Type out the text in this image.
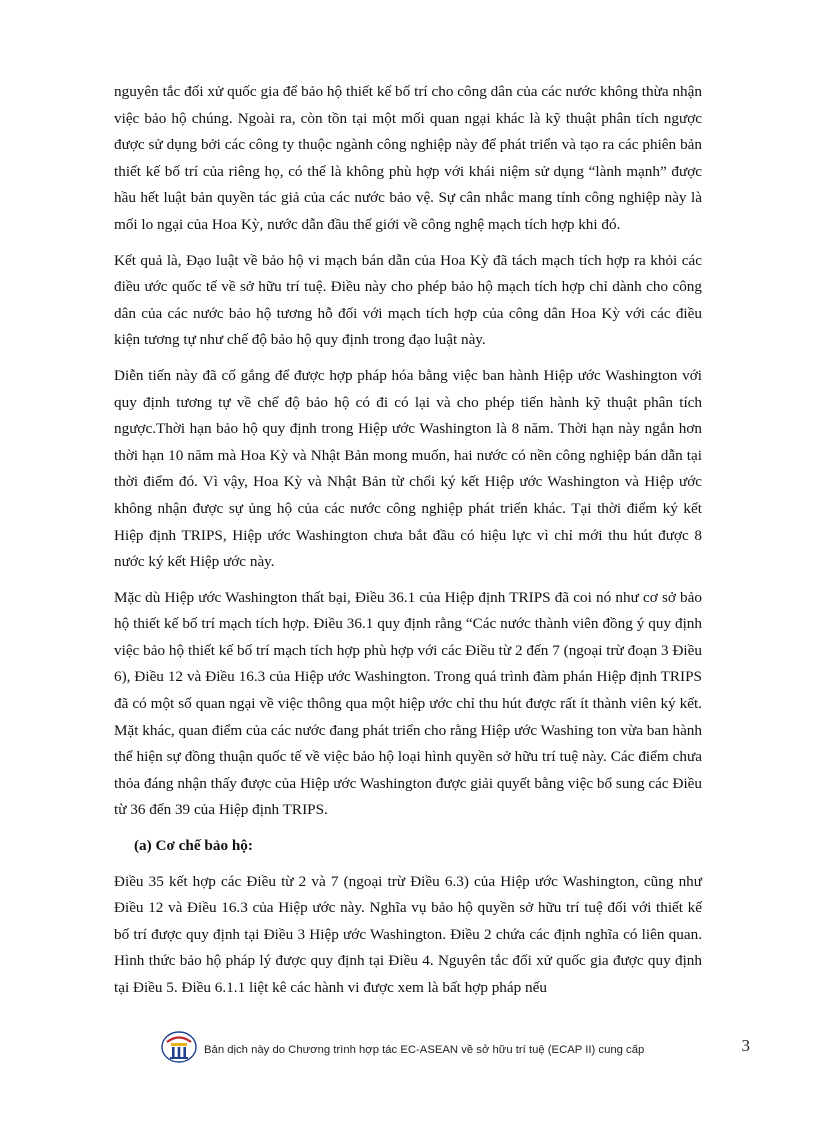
nguyên tắc đối xử quốc gia để bảo hộ thiết kế bố trí cho công dân của các nước không thừa nhận việc bảo hộ chúng. Ngoài ra, còn tồn tại một mối quan ngại khác là kỹ thuật phân tích ngược được sử dụng bởi các công ty thuộc ngành công nghiệp này để phát triển và tạo ra các phiên bản thiết kế bố trí của riêng họ, có thể là không phù hợp với khái niệm sử dụng “lành mạnh” được hầu hết luật bản quyền tác giả của các nước bảo vệ. Sự cân nhắc mang tính công nghiệp này là mối lo ngại của Hoa Kỳ, nước dẫn đầu thế giới về công nghệ mạch tích hợp khi đó.

Kết quả là, Đạo luật về bảo hộ vi mạch bán dẫn của Hoa Kỳ đã tách mạch tích hợp ra khỏi các điều ước quốc tế về sở hữu trí tuệ. Điều này cho phép bảo hộ mạch tích hợp chỉ dành cho công dân của các nước bảo hộ tương hỗ đối với mạch tích hợp của công dân Hoa Kỳ với các điều kiện tương tự như chế độ bảo hộ quy định trong đạo luật này.

Diễn tiến này đã cố gắng để được hợp pháp hóa bằng việc ban hành Hiệp ước Washington với quy định tương tự về chế độ bảo hộ có đi có lại và cho phép tiến hành kỹ thuật phân tích ngược.Thời hạn bảo hộ quy định trong Hiệp ước Washington là 8 năm. Thời hạn này ngắn hơn thời hạn 10 năm mà Hoa Kỳ và Nhật Bản mong muốn, hai nước có nền công nghiệp bán dẫn tại thời điểm đó. Vì vậy, Hoa Kỳ và Nhật Bản từ chối ký kết Hiệp ước Washington và Hiệp ước không nhận được sự ủng hộ của các nước công nghiệp phát triển khác. Tại thời điểm ký kết Hiệp định TRIPS, Hiệp ước Washington chưa bắt đầu có hiệu lực vì chỉ mới thu hút được 8 nước ký kết Hiệp ước này.

Mặc dù Hiệp ước Washington thất bại, Điều 36.1 của Hiệp định TRIPS đã coi nó như cơ sở bảo hộ thiết kế bố trí mạch tích hợp. Điều 36.1 quy định rằng “Các nước thành viên đồng ý quy định việc bảo hộ thiết kế bố trí mạch tích hợp phù hợp với các Điều từ 2 đến 7 (ngoại trừ đoạn 3 Điều 6), Điều 12 và Điều 16.3 của Hiệp ước Washington. Trong quá trình đàm phán Hiệp định TRIPS đã có một số quan ngại về việc thông qua một hiệp ước chỉ thu hút được rất ít thành viên ký kết. Mặt khác, quan điểm của các nước đang phát triển cho rằng Hiệp ước Washing ton vừa ban hành thể hiện sự đồng thuận quốc tế về việc bảo hộ loại hình quyền sở hữu trí tuệ này. Các điểm chưa thỏa đáng nhận thấy được của Hiệp ước Washington được giải quyết bằng việc bổ sung các Điều từ 36 đến 39 của Hiệp định TRIPS.

(a) Cơ chế bảo hộ:

Điều 35 kết hợp các Điều từ 2 và 7 (ngoại trừ Điều 6.3) của Hiệp ước Washington, cũng như Điều 12 và Điều 16.3 của Hiệp ước này. Nghĩa vụ bảo hộ quyền sở hữu trí tuệ đối với thiết kế bố trí được quy định tại Điều 3 Hiệp ước Washington. Điều 2 chứa các định nghĩa có liên quan. Hình thức bảo hộ pháp lý được quy định tại Điều 4. Nguyên tắc đối xử quốc gia được quy định tại Điều 5. Điều 6.1.1 liệt kê các hành vi được xem là bất hợp pháp nếu

Bản dịch này do Chương trình hợp tác EC-ASEAN về sở hữu trí tuệ (ECAP II) cung cấp	3
